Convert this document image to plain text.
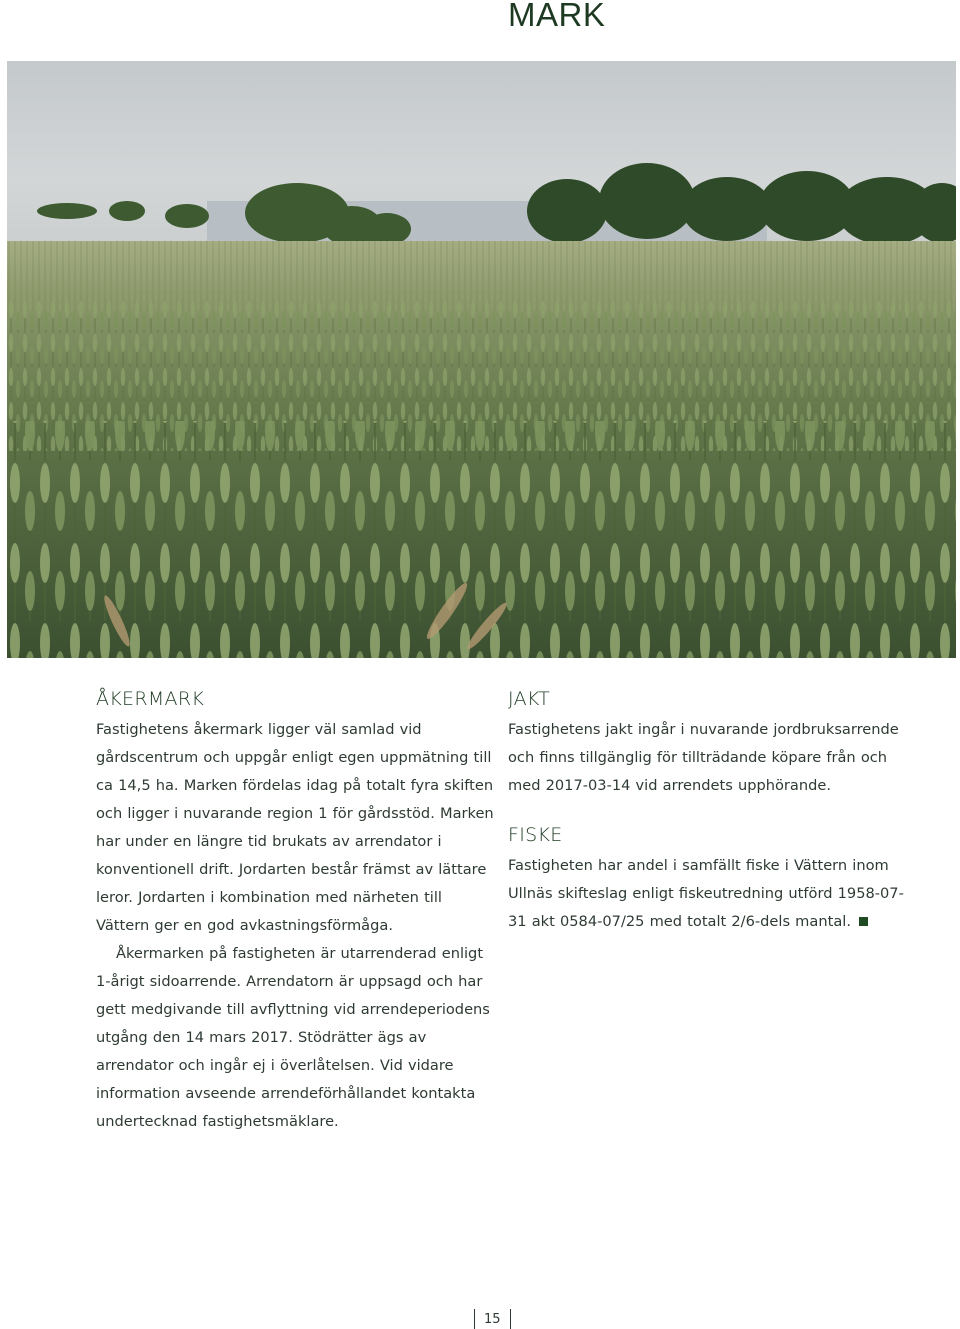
MARK
ÅKERMARK

Fastighetens åkermark ligger väl samlad vid gårdscentrum och uppgår enligt egen uppmätning till ca 14,5 ha. Marken fördelas idag på totalt fyra skiften och ligger i nuvarande region 1 för gårdsstöd. Marken har under en längre tid brukats av arrendator i konventionell drift. Jordarten består främst av lättare leror. Jordarten i kombination med närheten till Vättern ger en god avkastningsförmåga.

Åkermarken på fastigheten är utarrenderad enligt 1-årigt sidoarrende. Arrendatorn är uppsagd och har gett medgivande till avflyttning vid arrendeperiodens utgång den 14 mars 2017. Stödrätter ägs av arrendator och ingår ej i överlåtelsen. Vid vidare information avseende arrendeförhållandet kontakta undertecknad fastighetsmäklare.

JAKT

Fastighetens jakt ingår i nuvarande jordbruksarrende och finns tillgänglig för tillträdande köpare från och med 2017-03-14 vid arrendets upphörande.

FISKE

Fastigheten har andel i samfällt fiske i Vättern inom Ullnäs skifteslag enligt fiskeutredning utförd 1958-07-31 akt 0584-07/25 med totalt 2/6-dels mantal.

15
